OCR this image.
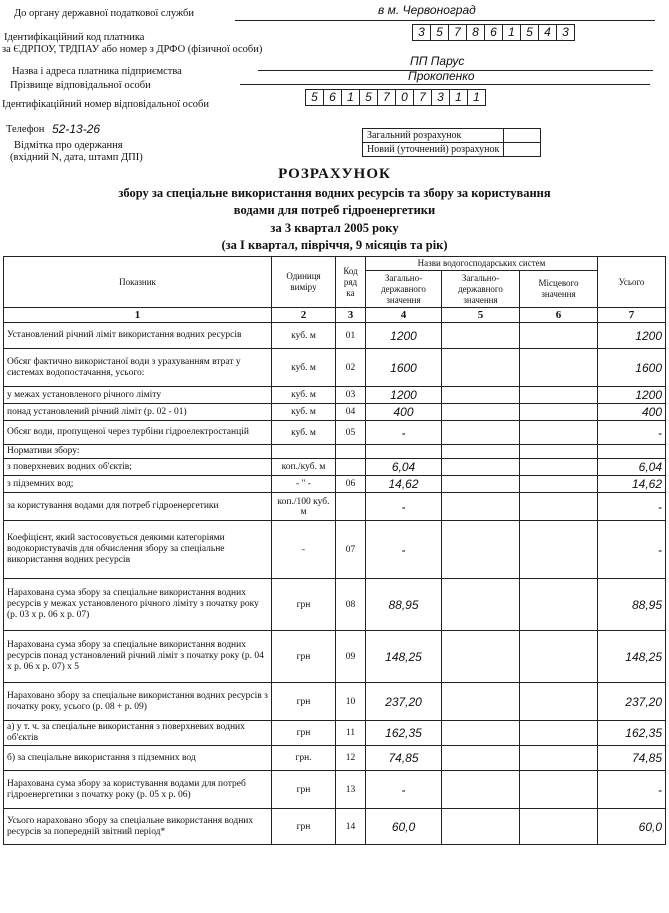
До органу державної податкової служби	в м. Червоноград
Ідентифікаційний код платника
за ЄДРПОУ, ТРДПАУ або номер з ДРФО (фізичної особи)
3 5 7 8 6 1 5 4 3
Назва і адреса платника підприємства
ПП Парус
Прізвище відповідальної особи
Прокопенко
Ідентифікаційний номер відповідальної особи
5 6 1 5 7 0 7 3 1 1
Телефон 52-13-26
Відмітка про одержання
(вхідний N, дата, штамп ДПІ)
Загальний розрахунок	
Новий (уточнений) розрахунок	
РОЗРАХУНОК
збору за спеціальне використання водних ресурсів та збору за користування
водами для потреб гідроенергетики
за 3 квартал 2005 року
(за І квартал, півріччя, 9 місяців та рік)
Показник	Одиниця виміру	Код ряд ка	Назви водогосподарських систем			Усього
			Загально-державного значення	Загально-державного значення	Місцевого значення	
1	2	3	4	5	6	7
Установлений річний ліміт використання водних ресурсів	куб. м	01	1200			1200
Обсяг фактично використаної води з урахуванням втрат у системах водопостачання, усього:	куб. м	02	1600			1600
у межах установленого річного ліміту	куб. м	03	1200			1200
понад установлений річний ліміт (р. 02 - 01)	куб. м	04	400			400
Обсяг води, пропущеної через турбіни гідроелектростанцій	куб. м	05	-			-
Нормативи збору:						
з поверхневих водних об'єктів;	коп./куб. м		6,04			6,04
з підземних вод;	- " -	06	14,62			14,62
за користування водами для потреб гідроенергетики	коп./100 куб. м		-			-
Коефіцієнт, який застосовується деякими категоріями водокористувачів для обчислення збору за спеціальне використання водних ресурсів	-	07	-			-
Нарахована сума збору за спеціальне використання водних ресурсів у межах установленого річного ліміту з початку року (р. 03 х р. 06 х р. 07)	грн	08	88,95			88,95
Нарахована сума збору за спеціальне використання водних ресурсів понад установлений річний ліміт з початку року (р. 04 х р. 06 х р. 07) х 5	грн	09	148,25			148,25
Нараховано збору за спеціальне використання водних ресурсів з початку року, усього (р. 08 + р. 09)	грн	10	237,20			237,20
а) у т. ч. за спеціальне використання з поверхневих водних об'єктів	грн	11	162,35			162,35
б) за спеціальне використання з підземних вод	грн.	12	74,85			74,85
Нарахована сума збору за користування водами для потреб гідроенергетики з початку року (р. 05 х р. 06)	грн	13	-			-
Усього нараховано збору за спеціальне використання водних ресурсів за попередній звітний період*	грн	14	60,0			60,0
